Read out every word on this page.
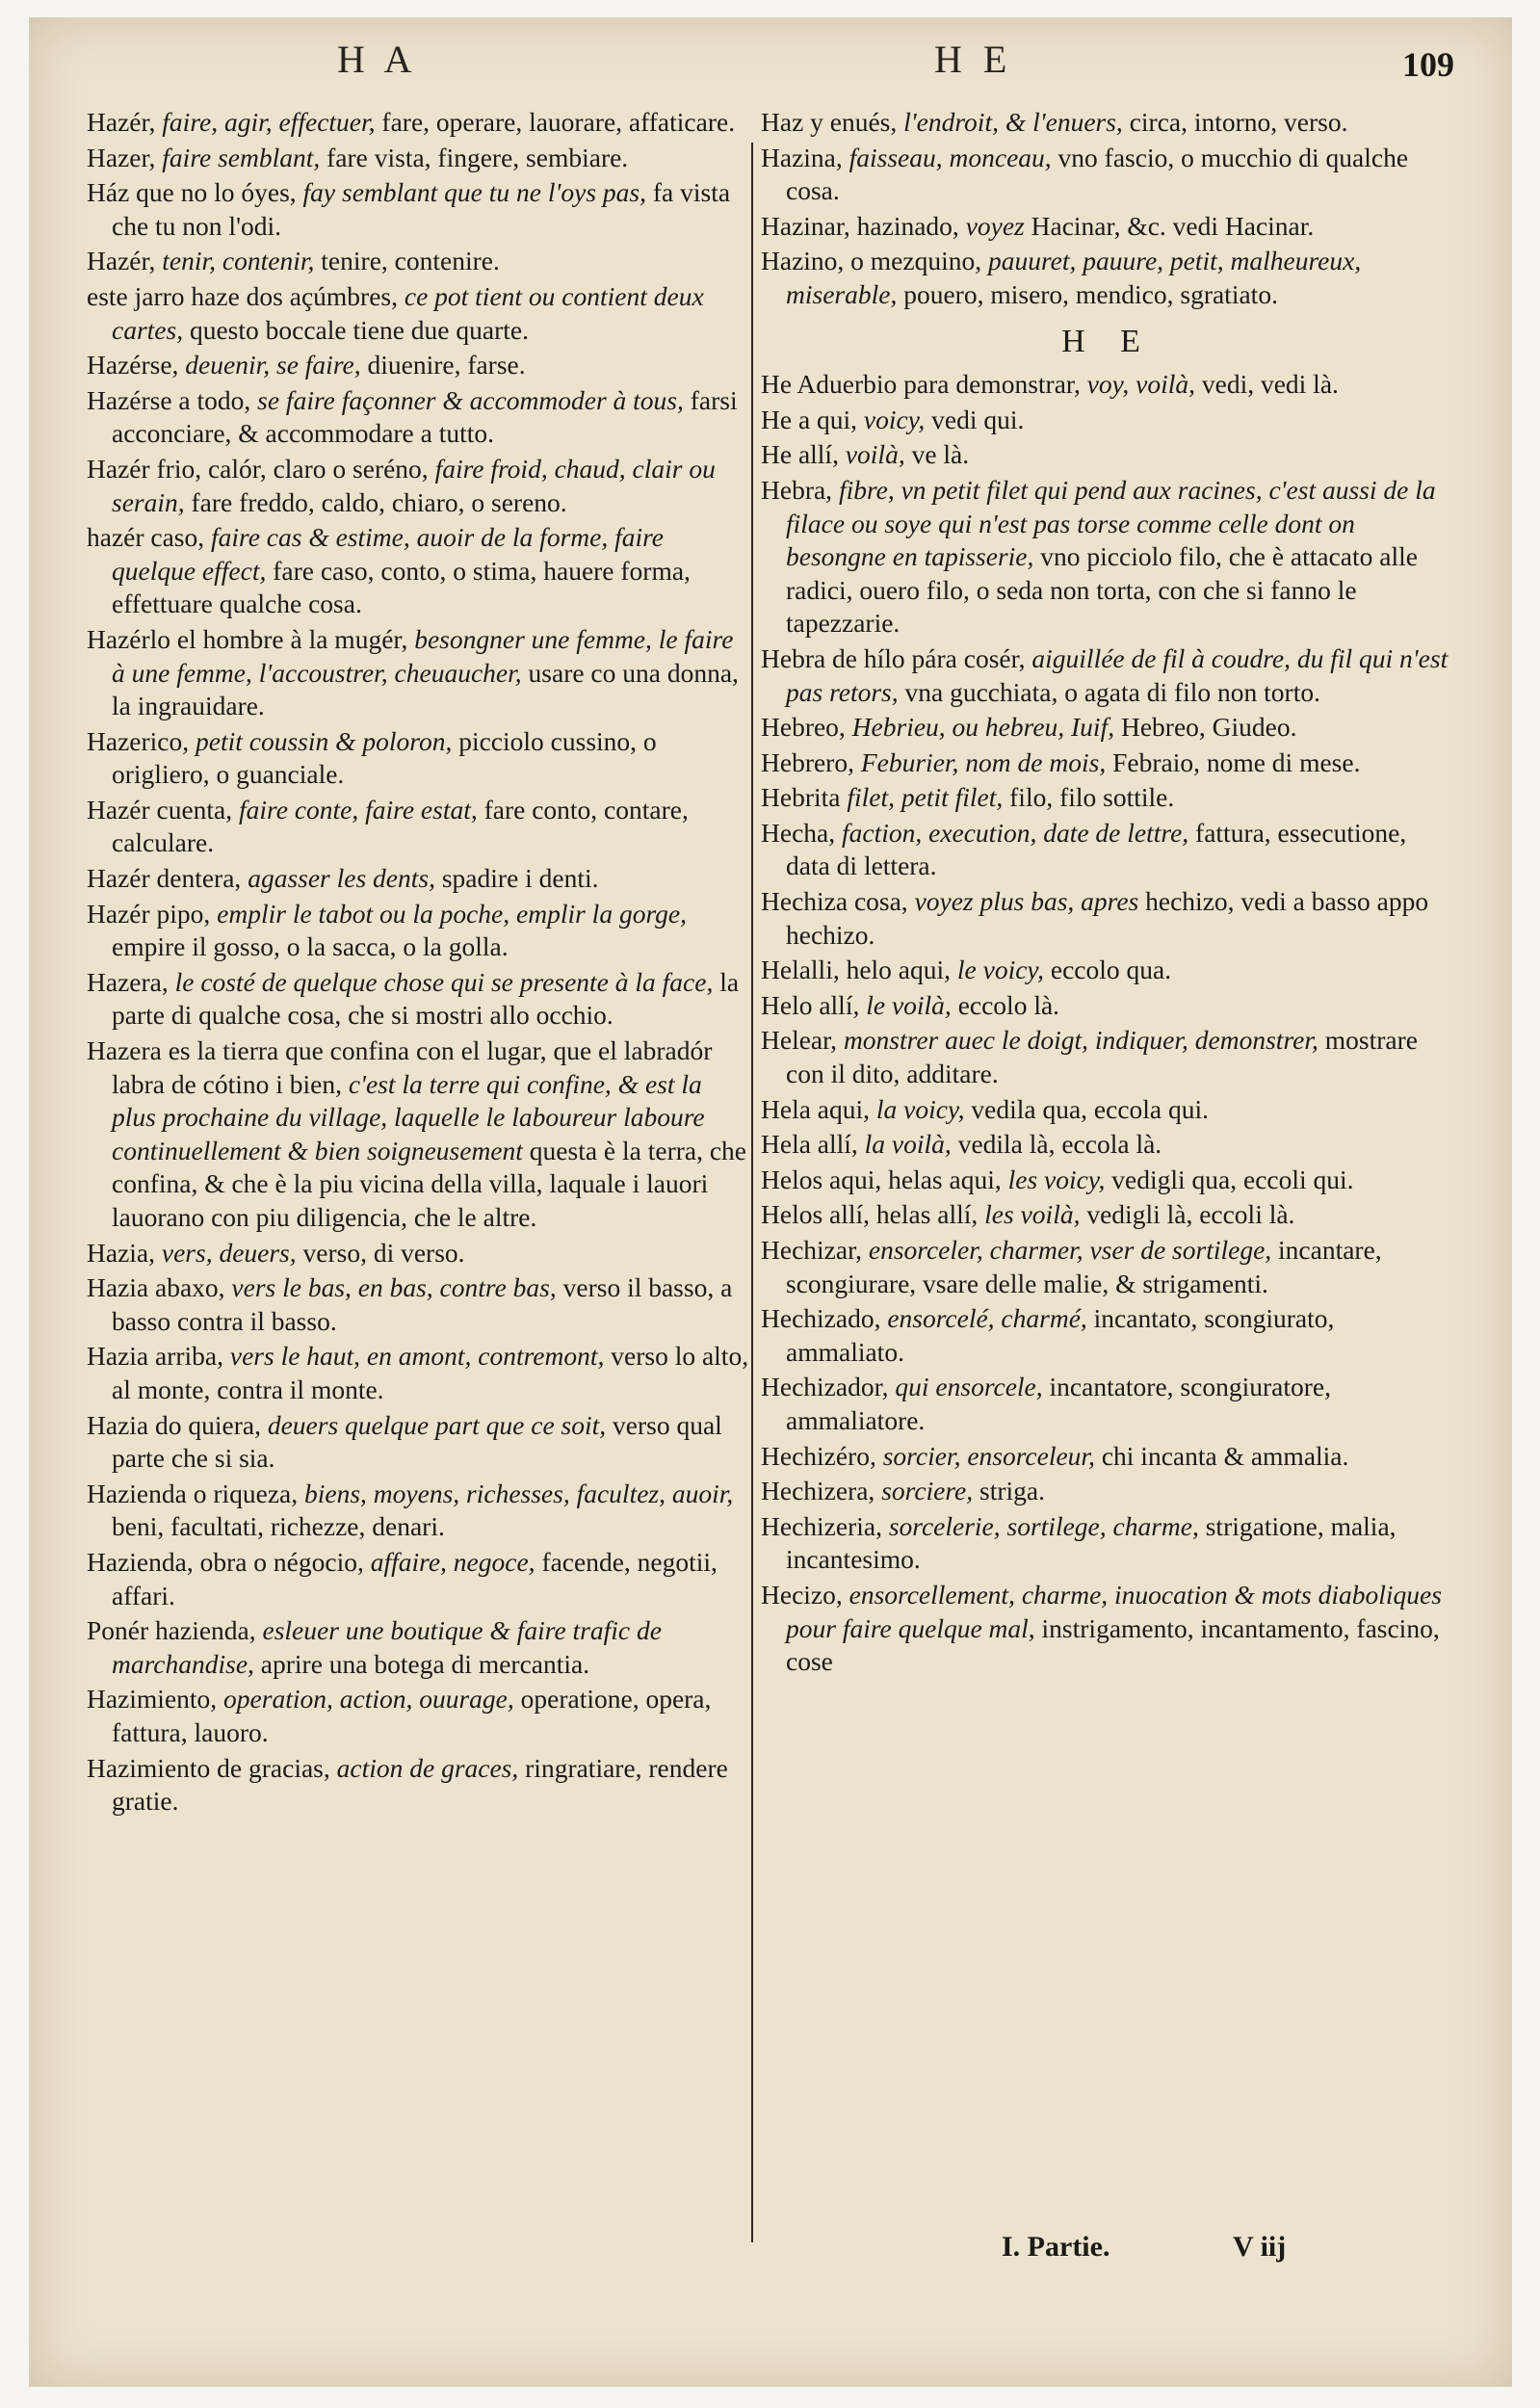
H A	H E	109
Hazér, faire, agir, effectuer, fare, operare, lauorare, affaticare.
Hazer, faire semblant, fare vista, fingere, sembiare.
Ház que no lo óyes, fay semblant que tu ne l'oys pas, fa vista che tu non l'odi.
Hazér, tenir, contenir, tenire, contenire.
este jarro haze dos açúmbres, ce pot tient ou contient deux cartes, questo boccale tiene due quarte.
Hazérse, deuenir, se faire, diuenire, farse.
Hazérse a todo, se faire façonner & accommoder à tous, farsi acconciare, & accommodare a tutto.
Hazér frio, calór, claro o seréno, faire froid, chaud, clair ou serain, fare freddo, caldo, chiaro, o sereno.
hazér caso, faire cas & estime, auoir de la forme, faire quelque effect, fare caso, conto, o stima, hauere forma, effettuare qualche cosa.
Hazérlo el hombre à la mugér, besongner une femme, le faire à une femme, l'accoustrer, cheuaucher, usare co una donna, la ingrauidare.
Hazerico, petit coussin & poloron, picciolo cussino, o origliero, o guanciale.
Hazér cuenta, faire conte, faire estat, fare conto, contare, calculare.
Hazér dentera, agasser les dents, spadire i denti.
Hazér pipo, emplir le tabot ou la poche, emplir la gorge, empire il gosso, o la sacca, o la golla.
Hazera, le costé de quelque chose qui se presente à la face, la parte di qualche cosa, che si mostri allo occhio.
Hazera es la tierra que confina con el lugar, que el labradór labra de cótino i bien, c'est la terre qui confine, & est la plus prochaine du village, laquelle le laboureur laboure continuellement & bien soigneusement questa è la terra, che confina, & che è la piu vicina della villa, laquale i lauori lauorano con piu diligencia, che le altre.
Hazia, vers, deuers, verso, di verso.
Hazia abaxo, vers le bas, en bas, contre bas, verso il basso, a basso contra il basso.
Hazia arriba, vers le haut, en amont, contremont, verso lo alto, al monte, contra il monte.
Hazia do quiera, deuers quelque part que ce soit, verso qual parte che si sia.
Hazienda o riqueza, biens, moyens, richesses, facultez, auoir, beni, facultati, richezze, denari.
Hazienda, obra o négocio, affaire, negoce, facende, negotii, affari.
Ponér hazienda, esleuer une boutique & faire trafic de marchandise, aprire una botega di mercantia.
Hazimiento, operation, action, ouurage, operatione, opera, fattura, lauoro.
Hazimiento de gracias, action de graces, ringratiare, rendere gratie.
Haz y enués, l'endroit, & l'enuers, circa, intorno, verso.
Hazina, faisseau, monceau, vno fascio, o mucchio di qualche cosa.
Hazinar, hazinado, voyez Hacinar, &c. vedi Hacinar.
Hazino, o mezquino, pauuret, pauure, petit, malheureux, miserable, pouero, misero, mendico, sgratiato.
H E
He Aduerbio para demonstrar, voy, voilà, vedi, vedi là.
He a qui, voicy, vedi qui.
He allí, voilà, ve là.
Hebra, fibre, vn petit filet qui pend aux racines, c'est aussi de la filace ou soye qui n'est pas torse comme celle dont on besongne en tapisserie, vno picciolo filo, che è attacato alle radici, ouero filo, o seda non torta, con che si fanno le tapezzarie.
Hebra de hílo pára cosér, aiguillée de fil à coudre, du fil qui n'est pas retors, vna gucchiata, o agata di filo non torto.
Hebreo, Hebrieu, ou hebreu, Iuif, Hebreo, Giudeo.
Hebrero, Feburier, nom de mois, Febraio, nome di mese.
Hebrita filet, petit filet, filo, filo sottile.
Hecha, faction, execution, date de lettre, fattura, essecutione, data di lettera.
Hechiza cosa, voyez plus bas, apres hechizo, vedi a basso appo hechizo.
Helalli, helo aqui, le voicy, eccolo qua.
Helo allí, le voilà, eccolo là.
Helear, monstrer auec le doigt, indiquer, demonstrer, mostrare con il dito, additare.
Hela aqui, la voicy, vedila qua, eccola qui.
Hela allí, la voilà, vedila là, eccola là.
Helos aqui, helas aqui, les voicy, vedigli qua, eccoli qui.
Helos allí, helas allí, les voilà, vedigli là, eccoli là.
Hechizar, ensorceler, charmer, vser de sortilege, incantare, scongiurare, vsare delle malie, & strigamenti.
Hechizado, ensorcelé, charmé, incantato, scongiurato, ammaliato.
Hechizador, qui ensorcele, incantatore, scongiuratore, ammaliatore.
Hechizéro, sorcier, ensorceleur, chi incanta & ammalia.
Hechizera, sorciere, striga.
Hechizeria, sorcelerie, sortilege, charme, strigatione, malia, incantesimo.
Hecizo, ensorcellement, charme, inuocation & mots diaboliques pour faire quelque mal, instrigamento, incantamento, fascino, cose
I. Partie.	V iij
